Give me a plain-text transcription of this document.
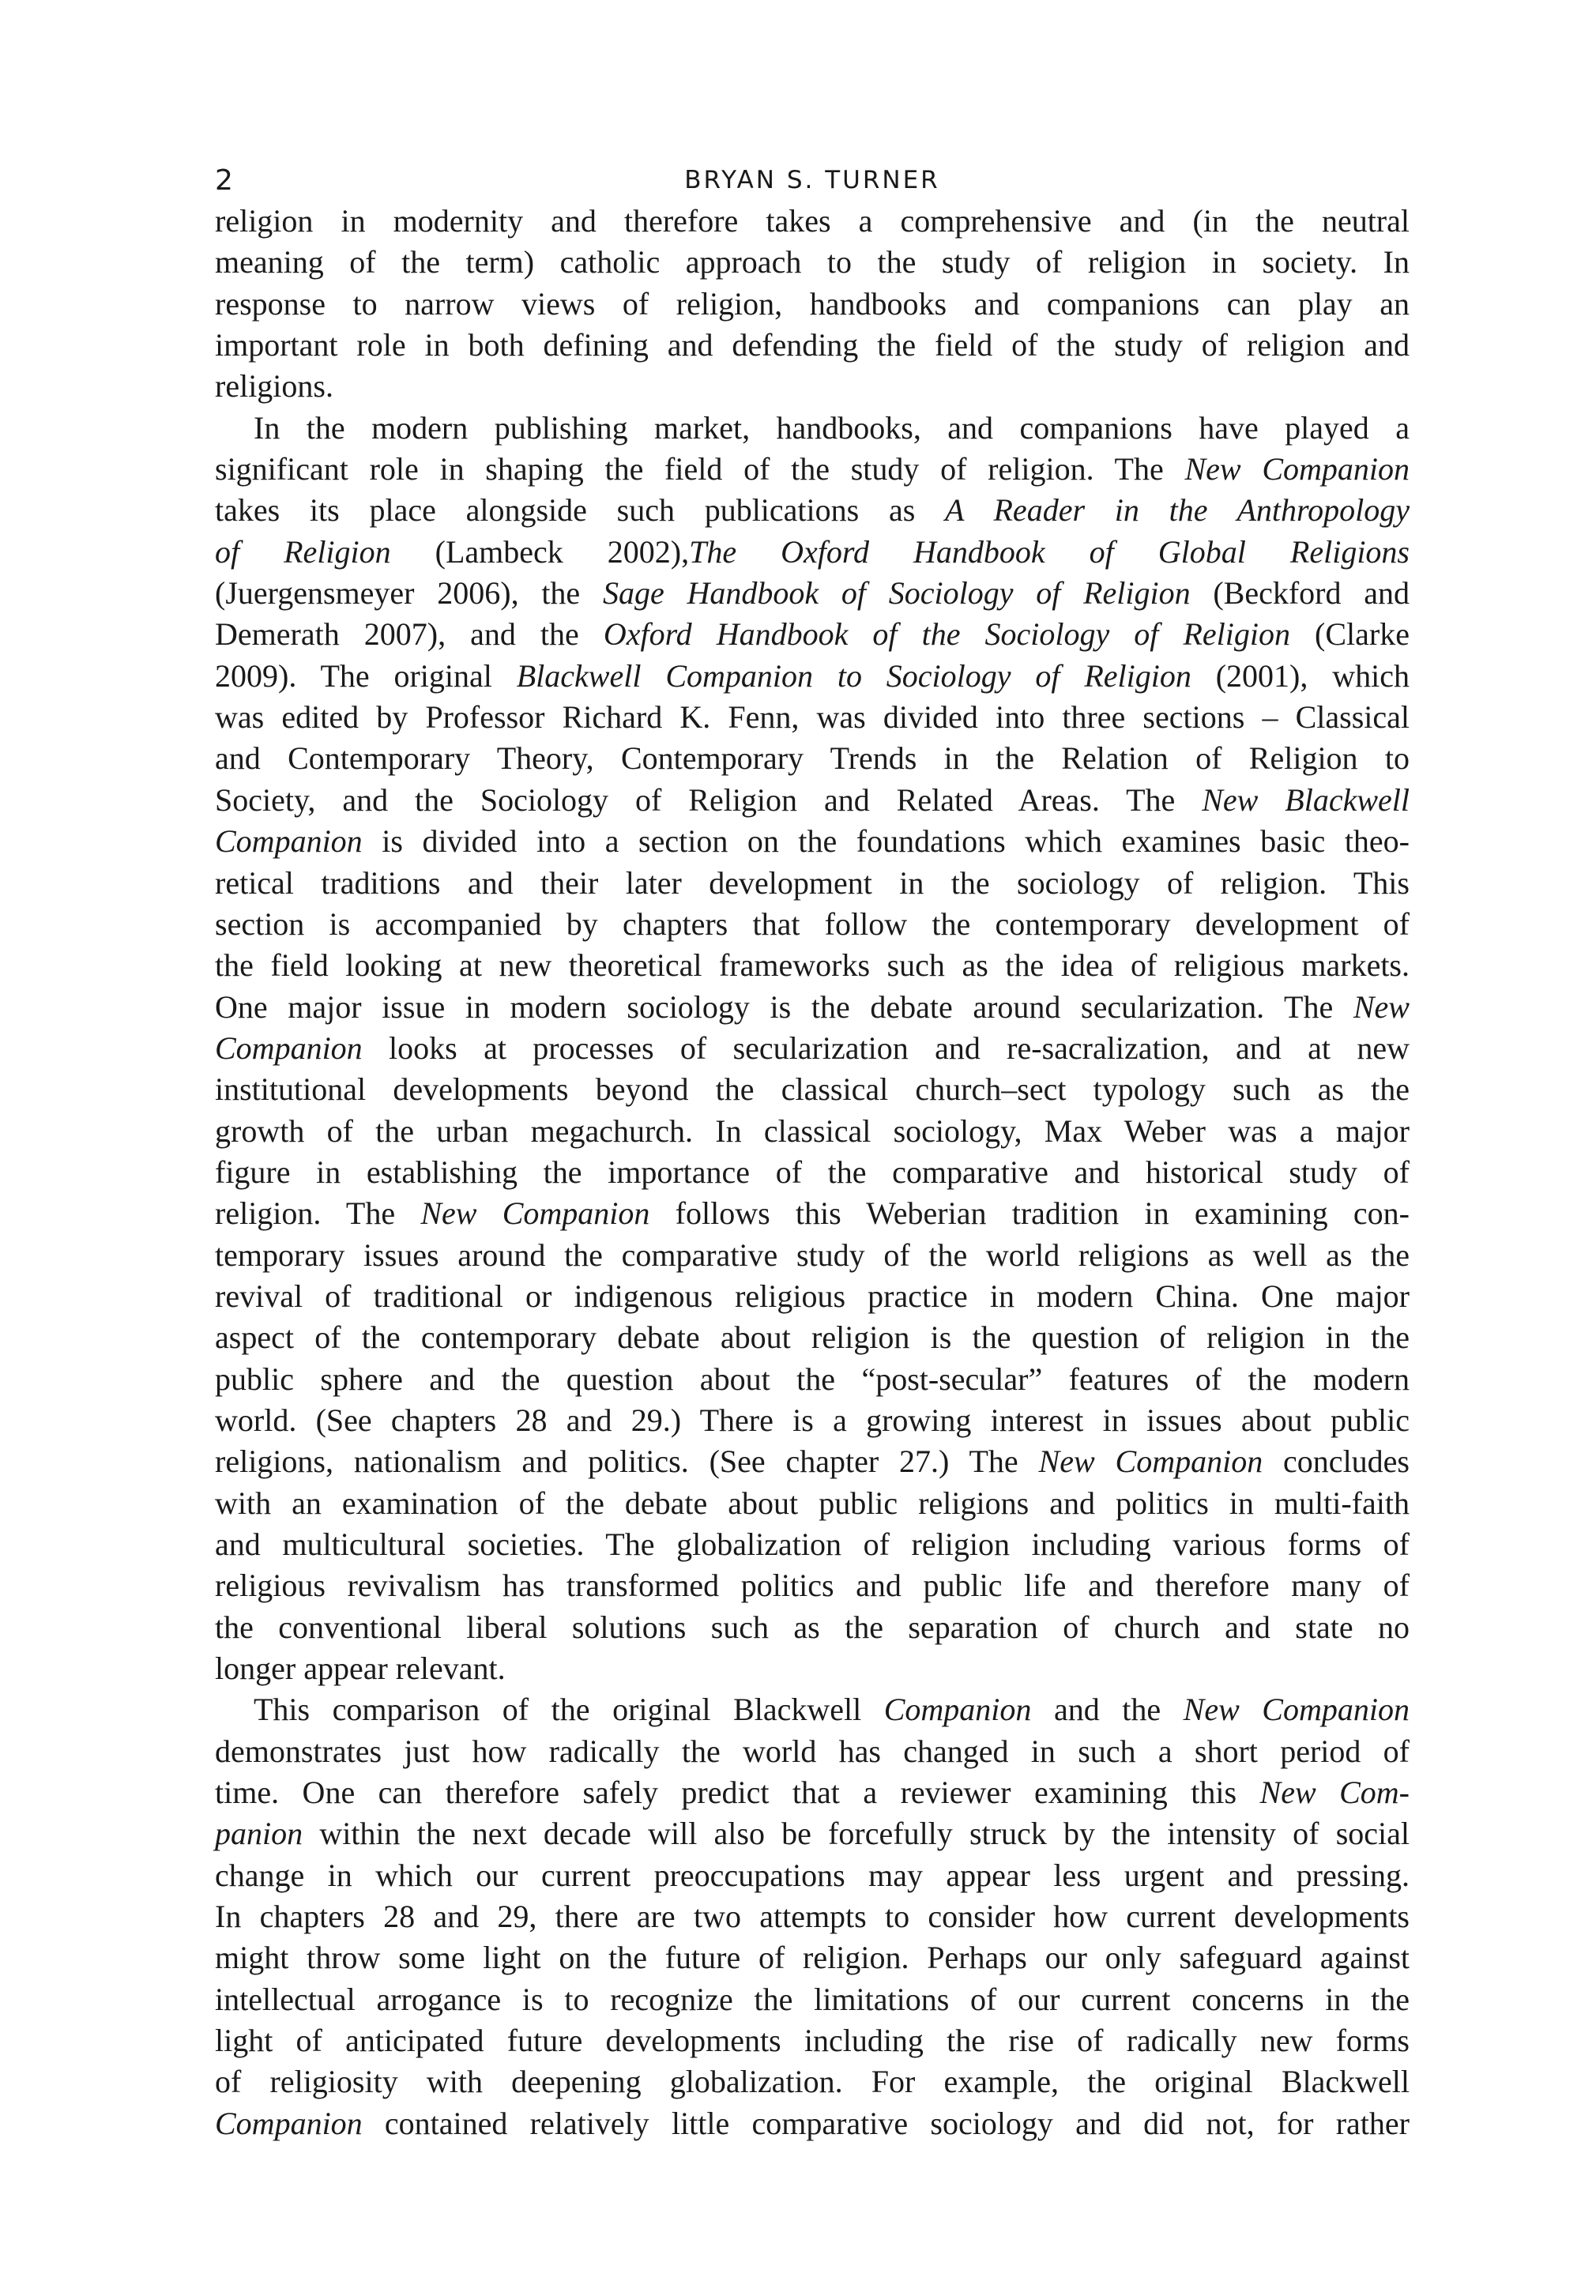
2	BRYAN S. TURNER
religion in modernity and therefore takes a comprehensive and (in the neutral
meaning of the term) catholic approach to the study of religion in society. In
response to narrow views of religion, handbooks and companions can play an
important role in both defining and defending the field of the study of religion and
religions.
In the modern publishing market, handbooks, and companions have played a
significant role in shaping the field of the study of religion. The New Companion
takes its place alongside such publications as A Reader in the Anthropology
of Religion (Lambeck 2002),The Oxford Handbook of Global Religions
(Juergensmeyer 2006), the Sage Handbook of Sociology of Religion (Beckford and
Demerath 2007), and the Oxford Handbook of the Sociology of Religion (Clarke
2009). The original Blackwell Companion to Sociology of Religion (2001), which
was edited by Professor Richard K. Fenn, was divided into three sections – Classical
and Contemporary Theory, Contemporary Trends in the Relation of Religion to
Society, and the Sociology of Religion and Related Areas. The New Blackwell
Companion is divided into a section on the foundations which examines basic theo-
retical traditions and their later development in the sociology of religion. This
section is accompanied by chapters that follow the contemporary development of
the field looking at new theoretical frameworks such as the idea of religious markets.
One major issue in modern sociology is the debate around secularization. The New
Companion looks at processes of secularization and re-sacralization, and at new
institutional developments beyond the classical church–sect typology such as the
growth of the urban megachurch. In classical sociology, Max Weber was a major
figure in establishing the importance of the comparative and historical study of
religion. The New Companion follows this Weberian tradition in examining con-
temporary issues around the comparative study of the world religions as well as the
revival of traditional or indigenous religious practice in modern China. One major
aspect of the contemporary debate about religion is the question of religion in the
public sphere and the question about the “post-secular” features of the modern
world. (See chapters 28 and 29.) There is a growing interest in issues about public
religions, nationalism and politics. (See chapter 27.) The New Companion concludes
with an examination of the debate about public religions and politics in multi-faith
and multicultural societies. The globalization of religion including various forms of
religious revivalism has transformed politics and public life and therefore many of
the conventional liberal solutions such as the separation of church and state no
longer appear relevant.
This comparison of the original Blackwell Companion and the New Companion
demonstrates just how radically the world has changed in such a short period of
time. One can therefore safely predict that a reviewer examining this New Com-
panion within the next decade will also be forcefully struck by the intensity of social
change in which our current preoccupations may appear less urgent and pressing.
In chapters 28 and 29, there are two attempts to consider how current developments
might throw some light on the future of religion. Perhaps our only safeguard against
intellectual arrogance is to recognize the limitations of our current concerns in the
light of anticipated future developments including the rise of radically new forms
of religiosity with deepening globalization. For example, the original Blackwell
Companion contained relatively little comparative sociology and did not, for rather
